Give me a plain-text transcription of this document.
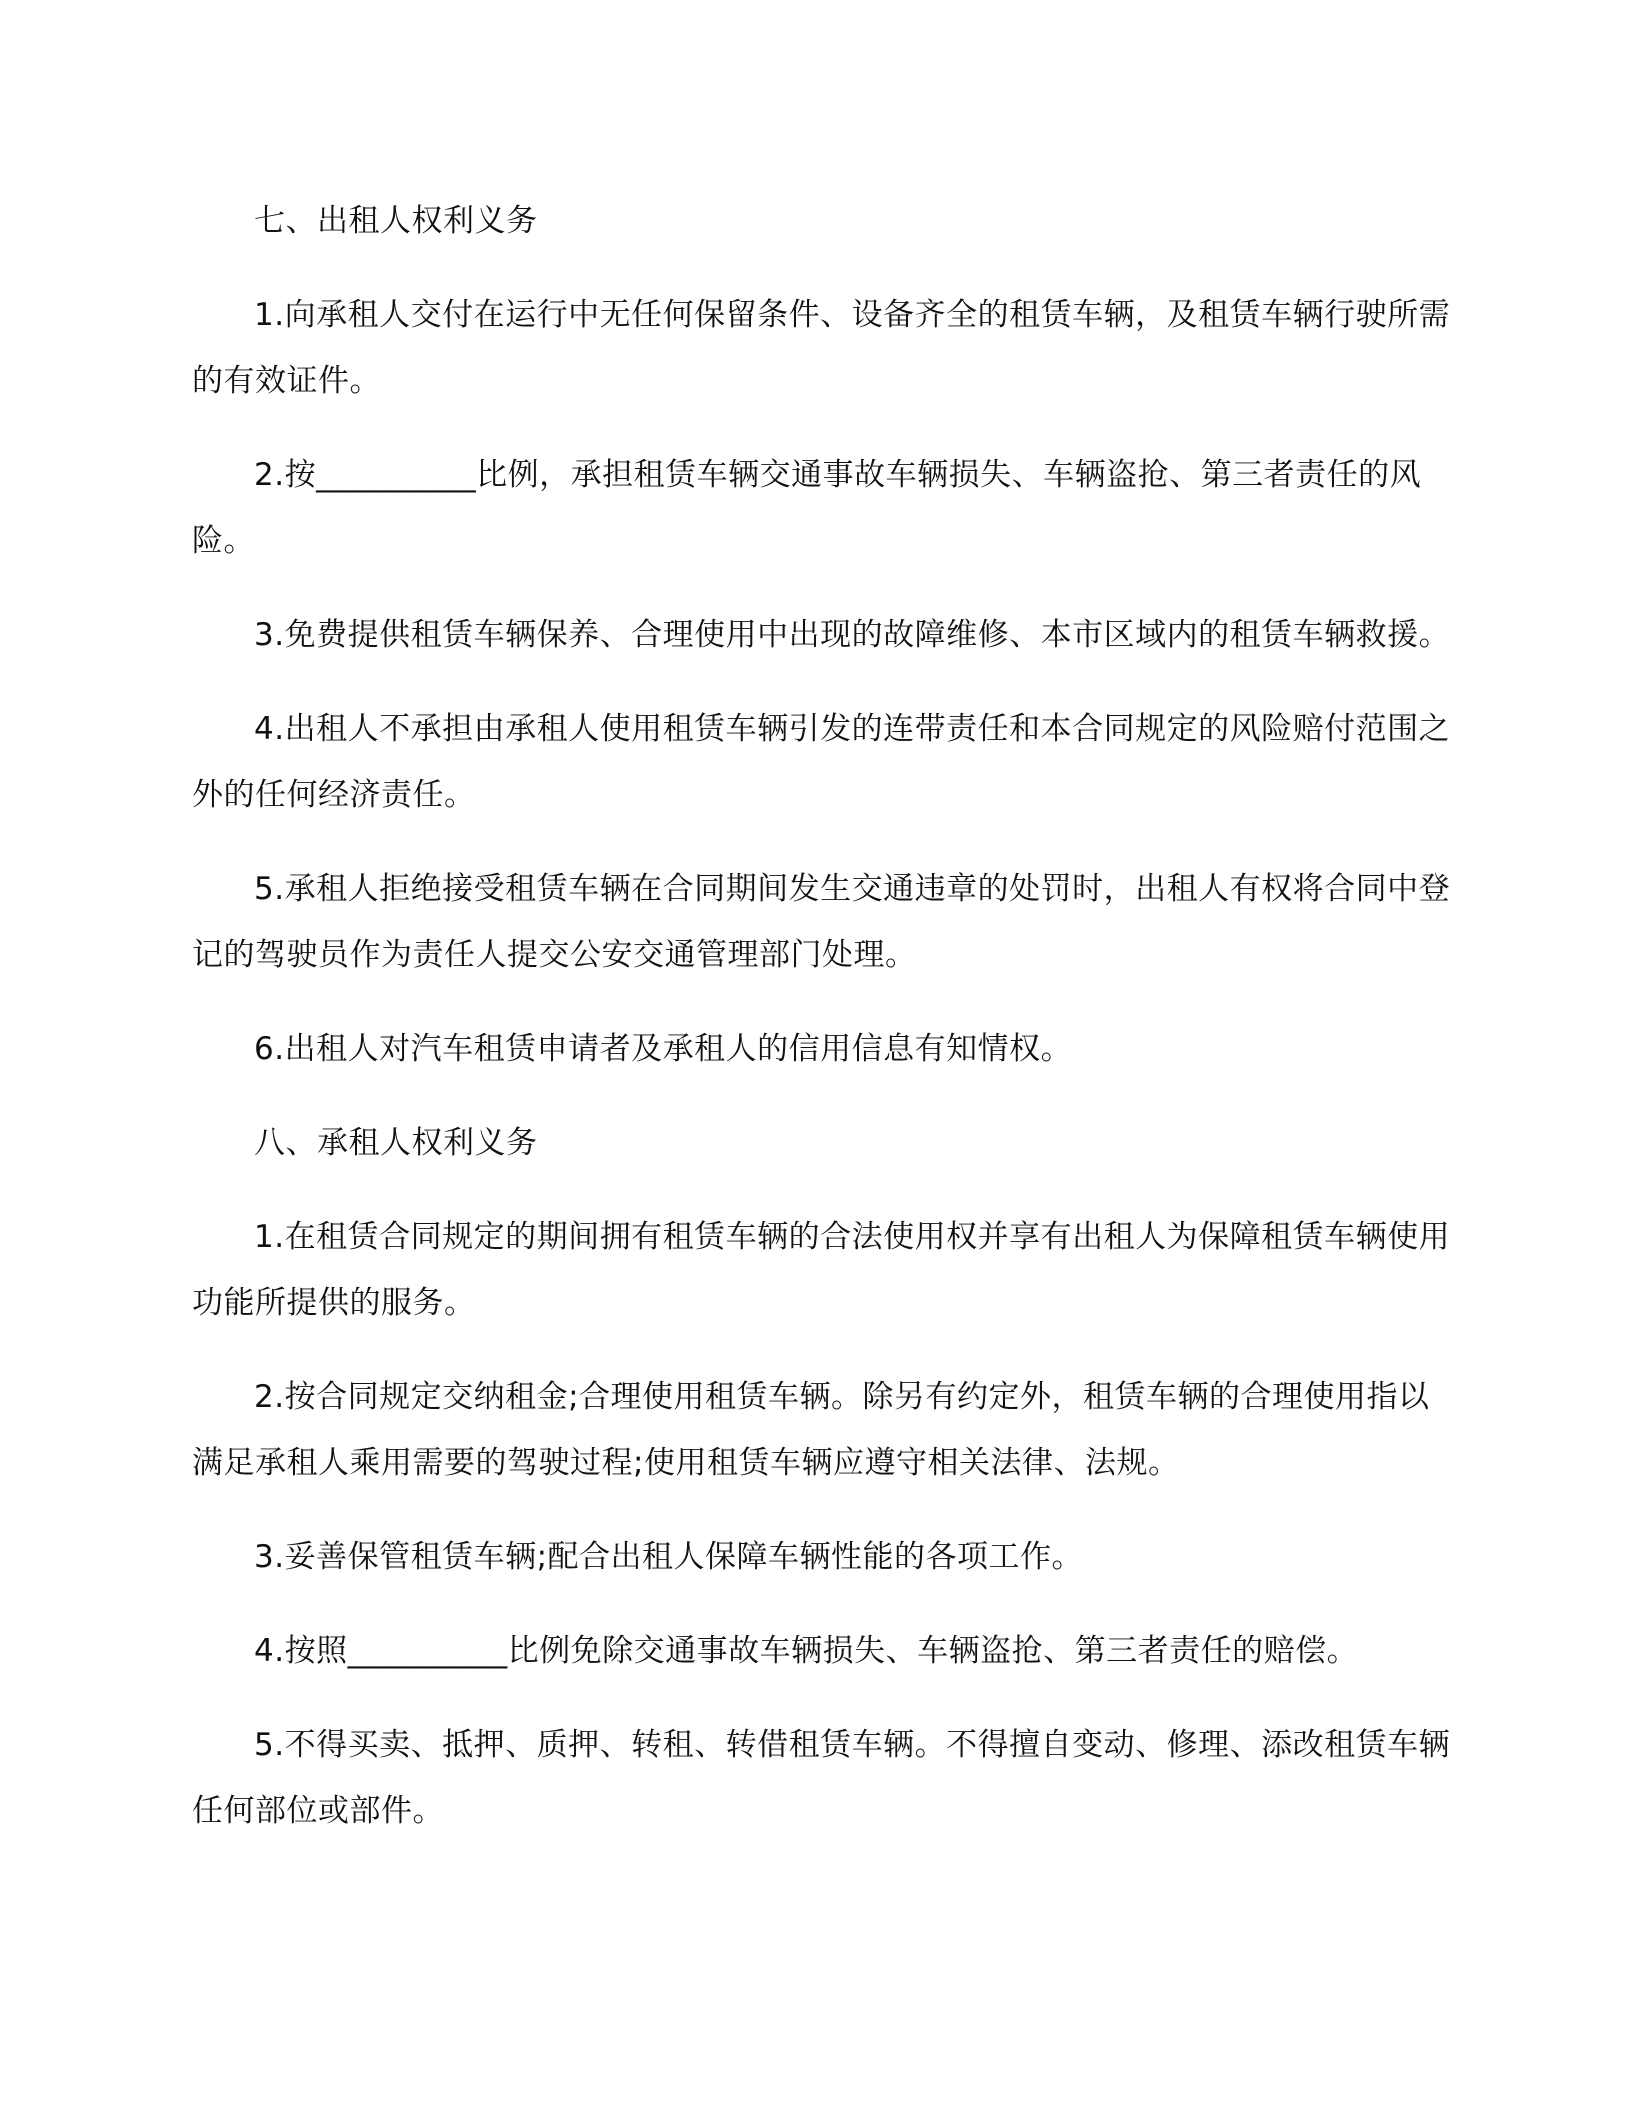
七、出租人权利义务

1.向承租人交付在运行中无任何保留条件、设备齐全的租赁车辆，及租赁车辆行驶所需的有效证件。

2.按__________比例，承担租赁车辆交通事故车辆损失、车辆盗抢、第三者责任的风险。

3.免费提供租赁车辆保养、合理使用中出现的故障维修、本市区域内的租赁车辆救援。

4.出租人不承担由承租人使用租赁车辆引发的连带责任和本合同规定的风险赔付范围之外的任何经济责任。

5.承租人拒绝接受租赁车辆在合同期间发生交通违章的处罚时，出租人有权将合同中登记的驾驶员作为责任人提交公安交通管理部门处理。

6.出租人对汽车租赁申请者及承租人的信用信息有知情权。

八、承租人权利义务

1.在租赁合同规定的期间拥有租赁车辆的合法使用权并享有出租人为保障租赁车辆使用功能所提供的服务。

2.按合同规定交纳租金;合理使用租赁车辆。除另有约定外，租赁车辆的合理使用指以满足承租人乘用需要的驾驶过程;使用租赁车辆应遵守相关法律、法规。

3.妥善保管租赁车辆;配合出租人保障车辆性能的各项工作。

4.按照__________比例免除交通事故车辆损失、车辆盗抢、第三者责任的赔偿。

5.不得买卖、抵押、质押、转租、转借租赁车辆。不得擅自变动、修理、添改租赁车辆任何部位或部件。
